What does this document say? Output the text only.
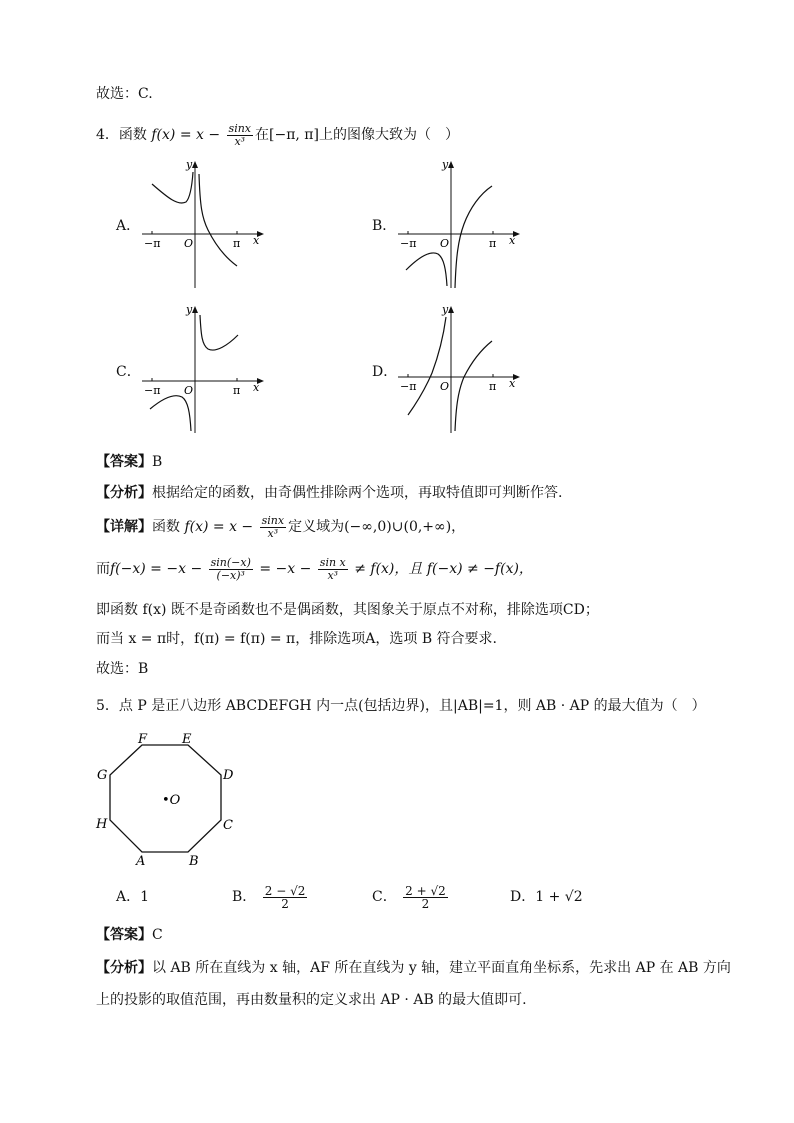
故选：C.
4．函数 $f(x) = x - \frac{\sin x}{\text{x³}}$ 在[−π, π]上的图像大致为（　）
A．	B．
C．	D．
y
x
O
−π	π
y
x
O
−π	π
y
x
O
−π	π
y
x
O
−π	π
【答案】B
【分析】根据给定的函数，由奇偶性排除两个选项，再取特值即可判断作答.
【详解】函数 $f(x) = x - \frac{\sin x}{\text{x³}}$ 定义域为(−∞,0)∪(0,+∞)，
而$f(-x) = -x - \frac{\sin(-x)}{\text{(−x)³}} = -x - \frac{\text{sin x}}{\text{x³}} \ne f(x)$，且 f(−x) ≠ −f(x)，
即函数 f(x) 既不是奇函数也不是偶函数，其图象关于原点不对称，排除选项CD；
而当 x = π时，f(π) = f(π) = π，排除选项A，选项 B 符合要求.
故选：B
5．点 P 是正八边形 ABCDEFGH 内一点(包括边界)，且|AB|=1，则 AB · AP 的最大值为（　）
A	B
C
D
E
F
G
H
•O
A．1	B． $\frac{2 - √2}{2}$	C． $\frac{2 + √2}{2}$	D．1 + √2
【答案】C
【分析】以 AB 所在直线为 x 轴，AF 所在直线为 y 轴，建立平面直角坐标系，先求出 AP 在 AB 方向
上的投影的取值范围，再由数量积的定义求出 AP · AB 的最大值即可.
